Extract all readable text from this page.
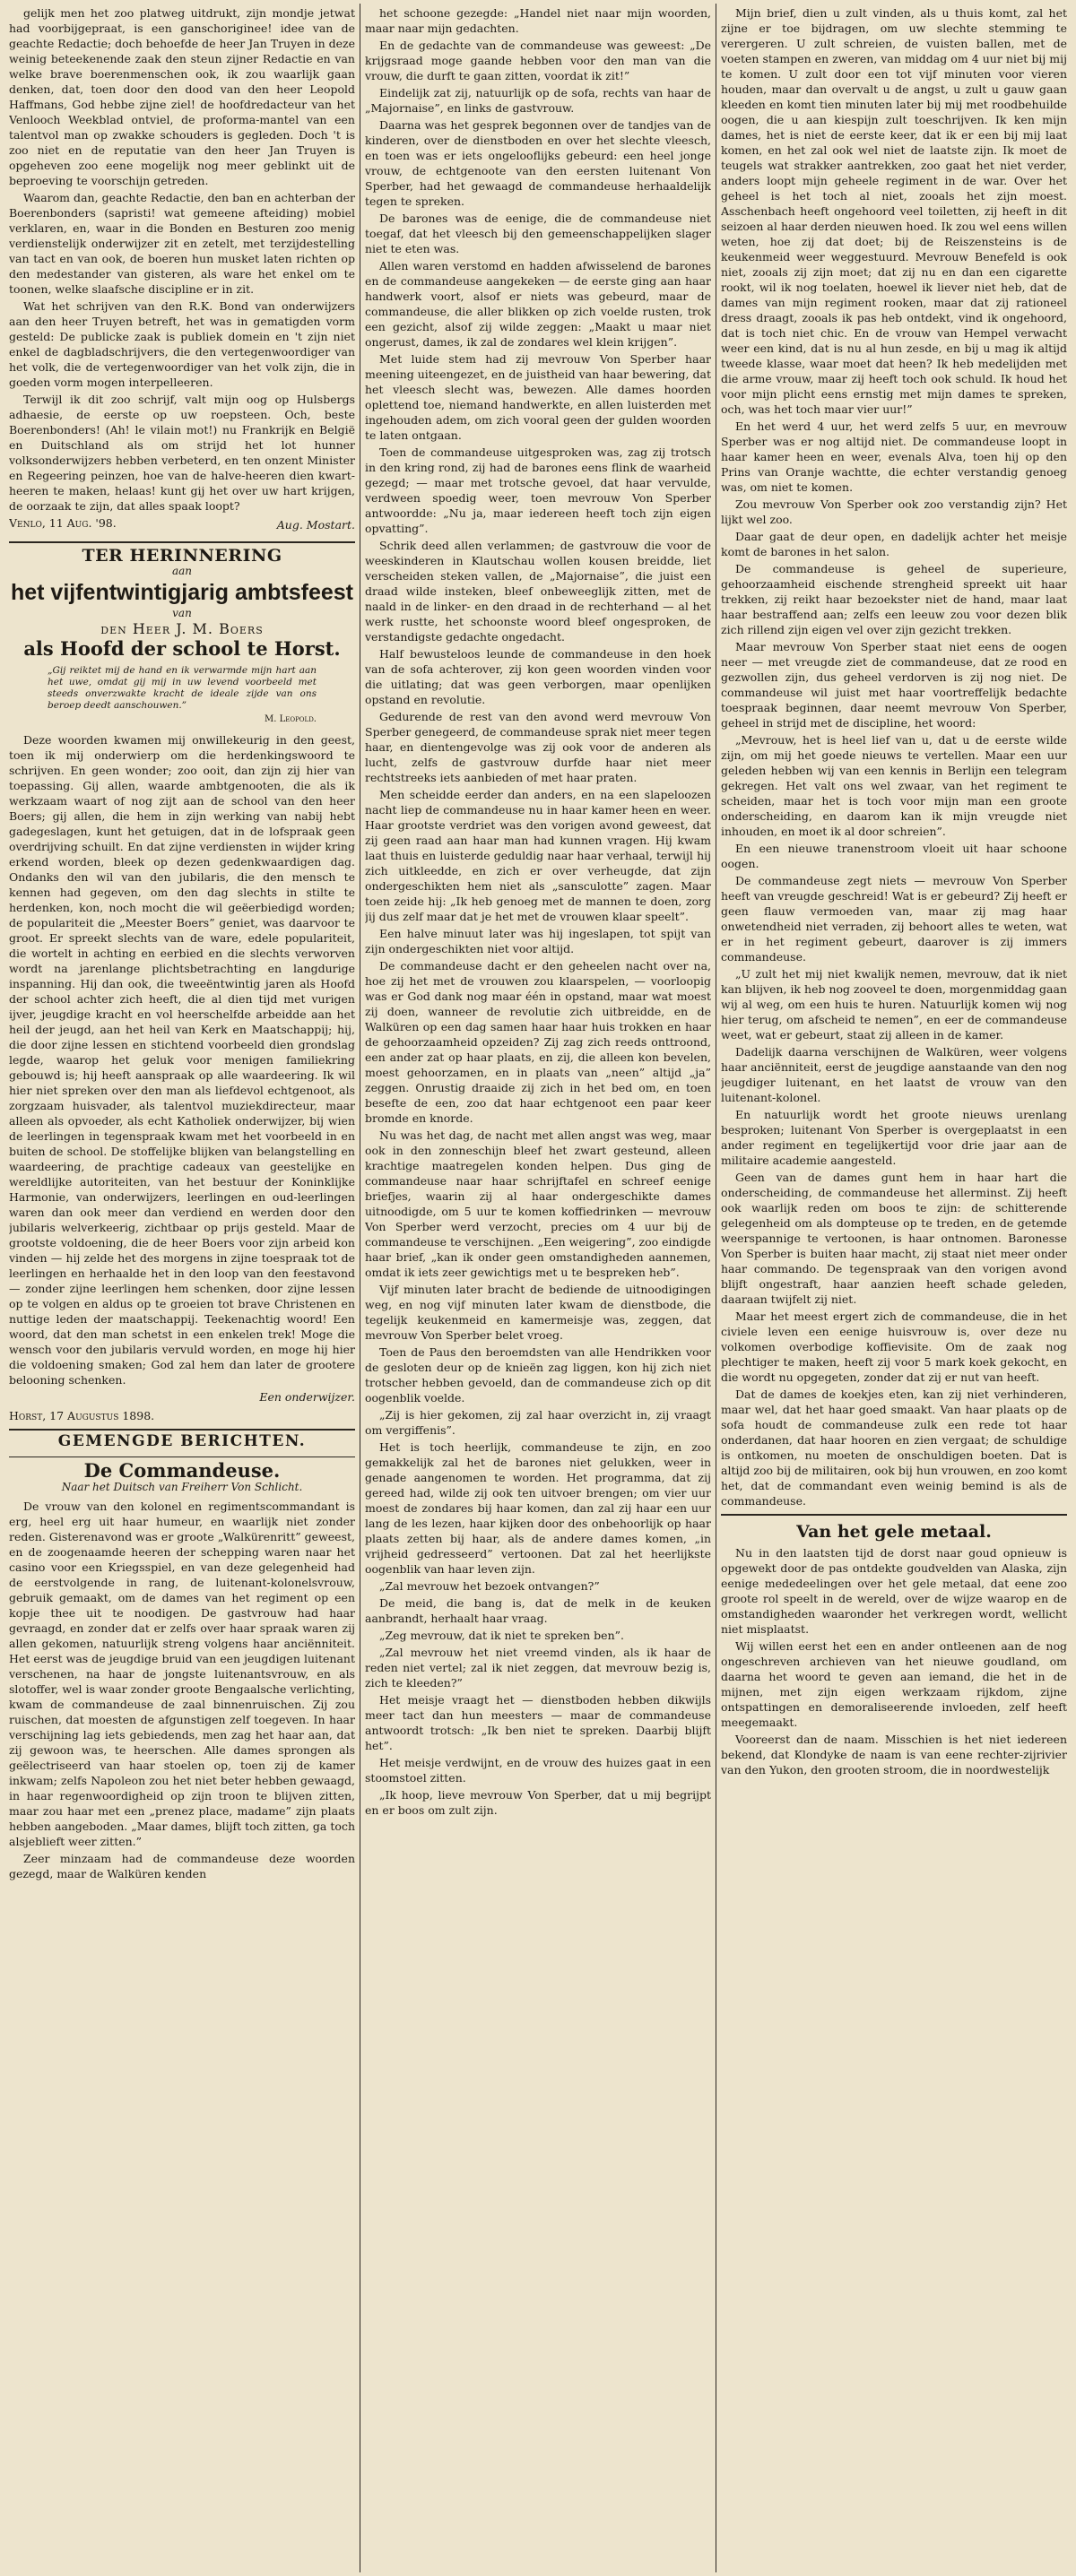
gelijk men het zoo platweg uitdrukt, zijn mondje jetwat had voorbijgepraat, is een ganschoriginee! idee van de geachte Redactie; doch behoefde de heer Jan Truyen in deze weinig beteekenende zaak den steun zijner Redactie en van welke brave boerenmenschen ook, ik zou waarlijk gaan denken, dat, toen door den dood van den heer Leopold Haffmans, God hebbe zijne ziel! de hoofdredacteur van het Venlooch Weekblad ontviel, de proforma-mantel van een talentvol man op zwakke schouders is gegleden. Doch 't is zoo niet en de reputatie van den heer Jan Truyen is opgeheven zoo eene mogelijk nog meer geblinkt uit de beproeving te voorschijn getreden.

Waarom dan, geachte Redactie, den ban en achterban der Boerenbonders (sapristi! wat gemeene afteiding) mobiel verklaren, en, waar in die Bonden en Besturen zoo menig verdienstelijk onderwijzer zit en zetelt, met terzijdestelling van tact en van ook, de boeren hun musket laten richten op den medestander van gisteren, als ware het enkel om te toonen, welke slaafsche discipline er in zit.

Wat het schrijven van den R.K. Bond van onderwijzers aan den heer Truyen betreft, het was in gematigden vorm gesteld: De publicke zaak is publiek domein en 't zijn niet enkel de dagbladschrijvers, die den vertegenwoordiger van het volk, die de vertegenwoordiger van het volk zijn, die in goeden vorm mogen interpelleeren.

Terwijl ik dit zoo schrijf, valt mijn oog op Hulsbergs adhaesie, de eerste op uw roepsteen. Och, beste Boerenbonders! (Ah! le vilain mot!) nu Frankrijk en België en Duitschland als om strijd het lot hunner volksonderwijzers hebben verbeterd, en ten onzent Minister en Regeering peinzen, hoe van de halve-heeren dien kwart-heeren te maken, helaas! kunt gij het over uw hart krijgen, de oorzaak te zijn, dat alles spaak loopt?

Venlo, 11 Aug. '98.	Aug. Mostart.
TER HERINNERING
aan
het vijfentwintigjarig ambtsfeest
van
den Heer J. M. Boers
als Hoofd der school te Horst.
„Gij reiktet mij de hand en ik verwarmde mijn hart aan het uwe, omdat gij mij in uw levend voorbeeld met steeds onverzwakte kracht de ideale zijde van ons beroep deedt aanschouwen.”
M. Leopold.

Deze woorden kwamen mij onwillekeurig in den geest, toen ik mij onderwierp om die herdenkingswoord te schrijven. En geen wonder; zoo ooit, dan zijn zij hier van toepassing. Gij allen, waarde ambtgenooten, die als ik werkzaam waart of nog zijt aan de school van den heer Boers; gij allen, die hem in zijn werking van nabij hebt gadegeslagen, kunt het getuigen, dat in de lofspraak geen overdrijving schuilt. En dat zijne verdiensten in wijder kring erkend worden, bleek op dezen gedenkwaardigen dag. Ondanks den wil van den jubilaris, die den mensch te kennen had gegeven, om den dag slechts in stilte te herdenken, kon, noch mocht die wil geëerbiedigd worden; de populariteit die „Meester Boers” geniet, was daarvoor te groot. Er spreekt slechts van de ware, edele populariteit, die wortelt in achting en eerbied en die slechts verworven wordt na jarenlange plichtsbetrachting en langdurige inspanning. Hij dan ook, die tweeëntwintig jaren als Hoofd der school achter zich heeft, die al dien tijd met vurigen ijver, jeugdige kracht en vol heerschelfde arbeidde aan het heil der jeugd, aan het heil van Kerk en Maatschappij; hij, die door zijne lessen en stichtend voorbeeld dien grondslag legde, waarop het geluk voor menigen familiekring gebouwd is; hij heeft aanspraak op alle waardeering. Ik wil hier niet spreken over den man als liefdevol echtgenoot, als zorgzaam huisvader, als talentvol muziekdirecteur, maar alleen als opvoeder, als echt Katholiek onderwijzer, bij wien de leerlingen in tegenspraak kwam met het voorbeeld in en buiten de school. De stoffelijke blijken van belangstelling en waardeering, de prachtige cadeaux van geestelijke en wereldlijke autoriteiten, van het bestuur der Koninklijke Harmonie, van onderwijzers, leerlingen en oud-leerlingen waren dan ook meer dan verdiend en werden door den jubilaris welverkeerig, zichtbaar op prijs gesteld. Maar de grootste voldoening, die de heer Boers voor zijn arbeid kon vinden — hij zelde het des morgens in zijne toespraak tot de leerlingen en herhaalde het in den loop van den feestavond — zonder zijne leerlingen hem schenken, door zijne lessen op te volgen en aldus op te groeien tot brave Christenen en nuttige leden der maatschappij. Teekenachtig woord! Een woord, dat den man schetst in een enkelen trek! Moge die wensch voor den jubilaris vervuld worden, en moge hij hier die voldoening smaken; God zal hem dan later de grootere belooning schenken.

Een onderwijzer.
Horst, 17 Augustus 1898.
GEMENGDE BERICHTEN.
De Commandeuse.
Naar het Duitsch van Freiherr Von Schlicht.

De vrouw van den kolonel en regimentscommandant is erg, heel erg uit haar humeur, en waarlijk niet zonder reden. Gisterenavond was er groote „Walkürenritt” geweest, en de zoogenaamde heeren der schepping waren naar het casino voor een Kriegsspiel, en van deze gelegenheid had de eerstvolgende in rang, de luitenant-kolonelsvrouw, gebruik gemaakt, om de dames van het regiment op een kopje thee uit te noodigen. De gastvrouw had haar gevraagd, en zonder dat er zelfs over haar spraak waren zij allen gekomen, natuurlijk streng volgens haar anciënniteit. Het eerst was de jeugdige bruid van een jeugdigen luitenant verschenen, na haar de jongste luitenantsvrouw, en als slotoffer, wel is waar zonder groote Bengaalsche verlichting, kwam de commandeuse de zaal binnenruischen. Zij zou ruischen, dat moesten de afgunstigen zelf toegeven. In haar verschijning lag iets gebiedends, men zag het haar aan, dat zij gewoon was, te heerschen. Alle dames sprongen als geëlectriseerd van haar stoelen op, toen zij de kamer inkwam; zelfs Napoleon zou het niet beter hebben gewaagd, in haar regenwoordigheid op zijn troon te blijven zitten, maar zou haar met een „prenez place, madame” zijn plaats hebben aangeboden. „Maar dames, blijft toch zitten, ga toch alsjeblieft weer zitten.”

Zeer minzaam had de commandeuse deze woorden gezegd, maar de Walküren kenden

het schoone gezegde: „Handel niet naar mijn woorden, maar naar mijn gedachten.

En de gedachte van de commandeuse was geweest: „De krijgsraad moge gaande hebben voor den man van die vrouw, die durft te gaan zitten, voordat ik zit!”

Eindelijk zat zij, natuurlijk op de sofa, rechts van haar de „Majornaise”, en links de gastvrouw.

Daarna was het gesprek begonnen over de tandjes van de kinderen, over de dienstboden en over het slechte vleesch, en toen was er iets ongelooflijks gebeurd: een heel jonge vrouw, de echtgenoote van den eersten luitenant Von Sperber, had het gewaagd de commandeuse herhaaldelijk tegen te spreken.

De barones was de eenige, die de commandeuse niet toegaf, dat het vleesch bij den gemeenschappelijken slager niet te eten was.

Allen waren verstomd en hadden afwisselend de barones en de commandeuse aangekeken — de eerste ging aan haar handwerk voort, alsof er niets was gebeurd, maar de commandeuse, die aller blikken op zich voelde rusten, trok een gezicht, alsof zij wilde zeggen: „Maakt u maar niet ongerust, dames, ik zal de zondares wel klein krijgen”.

Met luide stem had zij mevrouw Von Sperber haar meening uiteengezet, en de juistheid van haar bewering, dat het vleesch slecht was, bewezen. Alle dames hoorden oplettend toe, niemand handwerkte, en allen luisterden met ingehouden adem, om zich vooral geen der gulden woorden te laten ontgaan.

Toen de commandeuse uitgesproken was, zag zij trotsch in den kring rond, zij had de barones eens flink de waarheid gezegd; — maar met trotsche gevoel, dat haar vervulde, verdween spoedig weer, toen mevrouw Von Sperber antwoordde: „Nu ja, maar iedereen heeft toch zijn eigen opvatting”.

Schrik deed allen verlammen; de gastvrouw die voor de weeskinderen in Klautschau wollen kousen breidde, liet verscheiden steken vallen, de „Majornaise”, die juist een draad wilde insteken, bleef onbeweeglijk zitten, met de naald in de linker- en den draad in de rechterhand — al het werk rustte, het schoonste woord bleef ongesproken, de verstandigste gedachte ongedacht.

Half bewusteloos leunde de commandeuse in den hoek van de sofa achterover, zij kon geen woorden vinden voor die uitlating; dat was geen verborgen, maar openlijken opstand en revolutie.

Gedurende de rest van den avond werd mevrouw Von Sperber genegeerd, de commandeuse sprak niet meer tegen haar, en dientengevolge was zij ook voor de anderen als lucht, zelfs de gastvrouw durfde haar niet meer rechtstreeks iets aanbieden of met haar praten.

Men scheidde eerder dan anders, en na een slapeloozen nacht liep de commandeuse nu in haar kamer heen en weer. Haar grootste verdriet was den vorigen avond geweest, dat zij geen raad aan haar man had kunnen vragen. Hij kwam laat thuis en luisterde geduldig naar haar verhaal, terwijl hij zich uitkleedde, en zich er over verheugde, dat zijn ondergeschikten hem niet als „sansculotte” zagen. Maar toen zeide hij: „Ik heb genoeg met de mannen te doen, zorg jij dus zelf maar dat je het met de vrouwen klaar speelt”.

Een halve minuut later was hij ingeslapen, tot spijt van zijn ondergeschikten niet voor altijd.

De commandeuse dacht er den geheelen nacht over na, hoe zij het met de vrouwen zou klaarspelen, — voorloopig was er God dank nog maar één in opstand, maar wat moest zij doen, wanneer de revolutie zich uitbreidde, en de Walküren op een dag samen haar haar huis trokken en haar de gehoorzaamheid opzeiden? Zij zag zich reeds onttroond, een ander zat op haar plaats, en zij, die alleen kon bevelen, moest gehoorzamen, en in plaats van „neen” altijd „ja” zeggen. Onrustig draaide zij zich in het bed om, en toen besefte de een, zoo dat haar echtgenoot een paar keer bromde en knorde.

Nu was het dag, de nacht met allen angst was weg, maar ook in den zonneschijn bleef het zwart gesteund, alleen krachtige maatregelen konden helpen. Dus ging de commandeuse naar haar schrijftafel en schreef eenige briefjes, waarin zij al haar ondergeschikte dames uitnoodigde, om 5 uur te komen koffiedrinken — mevrouw Von Sperber werd verzocht, precies om 4 uur bij de commandeuse te verschijnen. „Een weigering”, zoo eindigde haar brief, „kan ik onder geen omstandigheden aannemen, omdat ik iets zeer gewichtigs met u te bespreken heb”.

Vijf minuten later bracht de bediende de uitnoodigingen weg, en nog vijf minuten later kwam de dienstbode, die tegelijk keukenmeid en kamermeisje was, zeggen, dat mevrouw Von Sperber belet vroeg.

Toen de Paus den beroemdsten van alle Hendrikken voor de gesloten deur op de knieën zag liggen, kon hij zich niet trotscher hebben gevoeld, dan de commandeuse zich op dit oogenblik voelde.

„Zij is hier gekomen, zij zal haar overzicht in, zij vraagt om vergiffenis”.

Het is toch heerlijk, commandeuse te zijn, en zoo gemakkelijk zal het de barones niet gelukken, weer in genade aangenomen te worden. Het programma, dat zij gereed had, wilde zij ook ten uitvoer brengen; om vier uur moest de zondares bij haar komen, dan zal zij haar een uur lang de les lezen, haar kijken door des onbehoorlijk op haar plaats zetten bij haar, als de andere dames komen, „in vrijheid gedresseerd” vertoonen. Dat zal het heerlijkste oogenblik van haar leven zijn.

„Zal mevrouw het bezoek ontvangen?”

De meid, die bang is, dat de melk in de keuken aanbrandt, herhaalt haar vraag.

„Zeg mevrouw, dat ik niet te spreken ben”.

„Zal mevrouw het niet vreemd vinden, als ik haar de reden niet vertel; zal ik niet zeggen, dat mevrouw bezig is, zich te kleeden?”

Het meisje vraagt het — dienstboden hebben dikwijls meer tact dan hun meesters — maar de commandeuse antwoordt trotsch: „Ik ben niet te spreken. Daarbij blijft het”.

Het meisje verdwijnt, en de vrouw des huizes gaat in een stoomstoel zitten.

„Ik hoop, lieve mevrouw Von Sperber, dat u mij begrijpt en er boos om zult zijn.

Mijn brief, dien u zult vinden, als u thuis komt, zal het zijne er toe bijdragen, om uw slechte stemming te verergeren. U zult schreien, de vuisten ballen, met de voeten stampen en zweren, van middag om 4 uur niet bij mij te komen. U zult door een tot vijf minuten voor vieren houden, maar dan overvalt u de angst, u zult u gauw gaan kleeden en komt tien minuten later bij mij met roodbehuilde oogen, die u aan kiespijn zult toeschrijven. Ik ken mijn dames, het is niet de eerste keer, dat ik er een bij mij laat komen, en het zal ook wel niet de laatste zijn. Ik moet de teugels wat strakker aantrekken, zoo gaat het niet verder, anders loopt mijn geheele regiment in de war. Over het geheel is het toch al niet, zooals het zijn moest. Asschenbach heeft ongehoord veel toiletten, zij heeft in dit seizoen al haar derden nieuwen hoed. Ik zou wel eens willen weten, hoe zij dat doet; bij de Reiszensteins is de keukenmeid weer weggestuurd. Mevrouw Benefeld is ook niet, zooals zij zijn moet; dat zij nu en dan een cigarette rookt, wil ik nog toelaten, hoewel ik liever niet heb, dat de dames van mijn regiment rooken, maar dat zij rationeel dress draagt, zooals ik pas heb ontdekt, vind ik ongehoord, dat is toch niet chic. En de vrouw van Hempel verwacht weer een kind, dat is nu al hun zesde, en bij u mag ik altijd tweede klasse, waar moet dat heen? Ik heb medelijden met die arme vrouw, maar zij heeft toch ook schuld. Ik houd het voor mijn plicht eens ernstig met mijn dames te spreken, och, was het toch maar vier uur!”

En het werd 4 uur, het werd zelfs 5 uur, en mevrouw Sperber was er nog altijd niet. De commandeuse loopt in haar kamer heen en weer, evenals Alva, toen hij op den Prins van Oranje wachtte, die echter verstandig genoeg was, om niet te komen.

Zou mevrouw Von Sperber ook zoo verstandig zijn? Het lijkt wel zoo.

Daar gaat de deur open, en dadelijk achter het meisje komt de barones in het salon.

De commandeuse is geheel de superieure, gehoorzaamheid eischende strengheid spreekt uit haar trekken, zij reikt haar bezoekster niet de hand, maar laat haar bestraffend aan; zelfs een leeuw zou voor dezen blik zich rillend zijn eigen vel over zijn gezicht trekken.

Maar mevrouw Von Sperber staat niet eens de oogen neer — met vreugde ziet de commandeuse, dat ze rood en gezwollen zijn, dus geheel verdorven is zij nog niet. De commandeuse wil juist met haar voortreffelijk bedachte toespraak beginnen, daar neemt mevrouw Von Sperber, geheel in strijd met de discipline, het woord:

„Mevrouw, het is heel lief van u, dat u de eerste wilde zijn, om mij het goede nieuws te vertellen. Maar een uur geleden hebben wij van een kennis in Berlijn een telegram gekregen. Het valt ons wel zwaar, van het regiment te scheiden, maar het is toch voor mijn man een groote onderscheiding, en daarom kan ik mijn vreugde niet inhouden, en moet ik al door schreien”.

En een nieuwe tranenstroom vloeit uit haar schoone oogen.

De commandeuse zegt niets — mevrouw Von Sperber heeft van vreugde geschreid! Wat is er gebeurd? Zij heeft er geen flauw vermoeden van, maar zij mag haar onwetendheid niet verraden, zij behoort alles te weten, wat er in het regiment gebeurt, daarover is zij immers commandeuse.

„U zult het mij niet kwalijk nemen, mevrouw, dat ik niet kan blijven, ik heb nog zooveel te doen, morgenmiddag gaan wij al weg, om een huis te huren. Natuurlijk komen wij nog hier terug, om afscheid te nemen”, en eer de commandeuse weet, wat er gebeurt, staat zij alleen in de kamer.

Dadelijk daarna verschijnen de Walküren, weer volgens haar anciënniteit, eerst de jeugdige aanstaande van den nog jeugdiger luitenant, en het laatst de vrouw van den luitenant-kolonel.

En natuurlijk wordt het groote nieuws urenlang besproken; luitenant Von Sperber is overgeplaatst in een ander regiment en tegelijkertijd voor drie jaar aan de militaire academie aangesteld.

Geen van de dames gunt hem in haar hart die onderscheiding, de commandeuse het allerminst. Zij heeft ook waarlijk reden om boos te zijn: de schitterende gelegenheid om als dompteuse op te treden, en de getemde weerspannige te vertoonen, is haar ontnomen. Baronesse Von Sperber is buiten haar macht, zij staat niet meer onder haar commando. De tegenspraak van den vorigen avond blijft ongestraft, haar aanzien heeft schade geleden, daaraan twijfelt zij niet.

Maar het meest ergert zich de commandeuse, die in het civiele leven een eenige huisvrouw is, over deze nu volkomen overbodige koffievisite. Om de zaak nog plechtiger te maken, heeft zij voor 5 mark koek gekocht, en die wordt nu opgegeten, zonder dat zij er nut van heeft.

Dat de dames de koekjes eten, kan zij niet verhinderen, maar wel, dat het haar goed smaakt. Van haar plaats op de sofa houdt de commandeuse zulk een rede tot haar onderdanen, dat haar hooren en zien vergaat; de schuldige is ontkomen, nu moeten de onschuldigen boeten. Dat is altijd zoo bij de militairen, ook bij hun vrouwen, en zoo komt het, dat de commandant even weinig bemind is als de commandeuse.

Van het gele metaal.

Nu in den laatsten tijd de dorst naar goud opnieuw is opgewekt door de pas ontdekte goudvelden van Alaska, zijn eenige mededeelingen over het gele metaal, dat eene zoo groote rol speelt in de wereld, over de wijze waarop en de omstandigheden waaronder het verkregen wordt, wellicht niet misplaatst.

Wij willen eerst het een en ander ontleenen aan de nog ongeschreven archieven van het nieuwe goudland, om daarna het woord te geven aan iemand, die het in de mijnen, met zijn eigen werkzaam rijkdom, zijne ontspattingen en demoraliseerende invloeden, zelf heeft meegemaakt.

Vooreerst dan de naam. Misschien is het niet iedereen bekend, dat Klondyke de naam is van eene rechter-zijrivier van den Yukon, den grooten stroom, die in noordwestelijk
